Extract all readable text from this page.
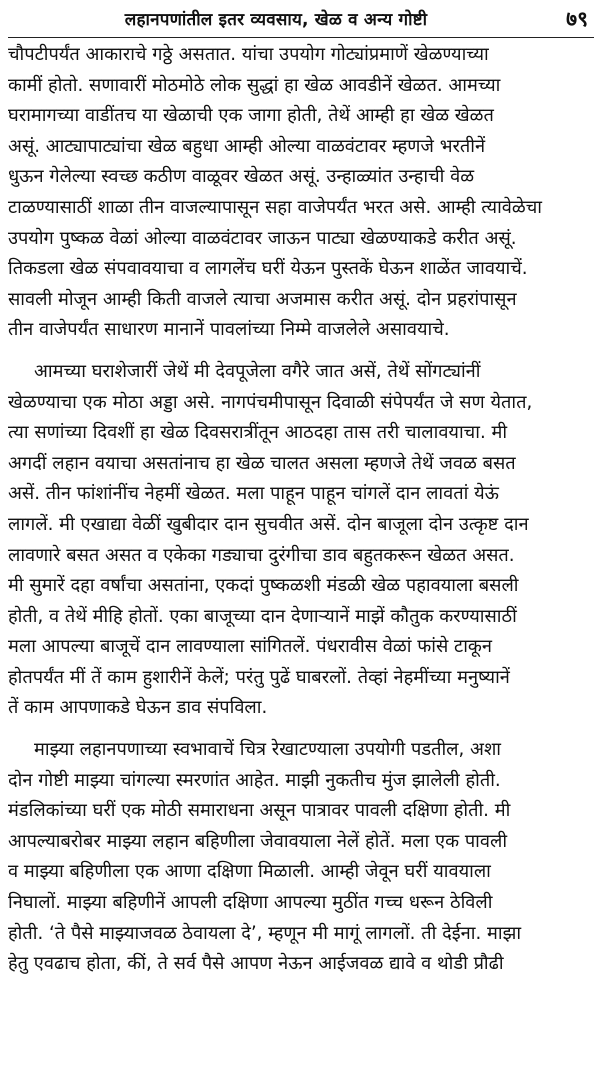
लहानपणांतील इतर व्यवसाय, खेळ व अन्य गोष्टी	७९

चौपटीपर्यंत आकाराचे गठ्ठे असतात. यांचा उपयोग गोट्यांप्रमाणें खेळण्याच्या
कामीं होतो. सणावारीं मोठमोठे लोक सुद्धां हा खेळ आवडीनें खेळत. आमच्या
घरामागच्या वाडींतच या खेळाची एक जागा होती, तेथें आम्ही हा खेळ खेळत
असूं. आट्यापाट्यांचा खेळ बहुधा आम्ही ओल्या वाळवंटावर म्हणजे भरतीनें
धुऊन गेलेल्या स्वच्छ कठीण वाळूवर खेळत असूं. उन्हाळ्यांत उन्हाची वेळ
टाळण्यासाठीं शाळा तीन वाजल्यापासून सहा वाजेपर्यंत भरत असे. आम्ही त्यावेळेचा
उपयोग पुष्कळ वेळां ओल्या वाळवंटावर जाऊन पाट्या खेळण्याकडे करीत असूं.
तिकडला खेळ संपवावयाचा व लागलेंच घरीं येऊन पुस्तकें घेऊन शाळेंत जावयाचें.
सावली मोजून आम्ही किती वाजले त्याचा अजमास करीत असूं. दोन प्रहरांपासून
तीन वाजेपर्यंत साधारण मानानें पावलांच्या निम्मे वाजलेले असावयाचे.

आमच्या घराशेजारीं जेथें मी देवपूजेला वगैरे जात असें, तेथें सोंगट्यांनीं
खेळण्याचा एक मोठा अड्डा असे. नागपंचमीपासून दिवाळी संपेपर्यंत जे सण येतात,
त्या सणांच्या दिवशीं हा खेळ दिवसरात्रींतून आठदहा तास तरी चालावयाचा. मी
अगदीं लहान वयाचा असतांनाच हा खेळ चालत असला म्हणजे तेथें जवळ बसत
असें. तीन फांशांनींच नेहमीं खेळत. मला पाहून पाहून चांगलें दान लावतां येऊं
लागलें. मी एखाद्या वेळीं खुबीदार दान सुचवीत असें. दोन बाजूला दोन उत्कृष्ट दान
लावणारे बसत असत व एकेका गड्याचा दुरंगीचा डाव बहुतकरून खेळत असत.
मी सुमारें दहा वर्षांचा असतांना, एकदां पुष्कळशी मंडळी खेळ पहावयाला बसली
होती, व तेथें मीहि होतों. एका बाजूच्या दान देणाऱ्यानें माझें कौतुक करण्यासाठीं
मला आपल्या बाजूचें दान लावण्याला सांगितलें. पंधरावीस वेळां फांसे टाकून
होतपर्यंत मीं तें काम हुशारीनें केलें; परंतु पुढें घाबरलों. तेव्हां नेहमींच्या मनुष्यानें
तें काम आपणाकडे घेऊन डाव संपविला.

माझ्या लहानपणाच्या स्वभावाचें चित्र रेखाटण्याला उपयोगी पडतील, अशा
दोन गोष्टी माझ्या चांगल्या स्मरणांत आहेत. माझी नुकतीच मुंज झालेली होती.
मंडलिकांच्या घरीं एक मोठी समाराधना असून पात्रावर पावली दक्षिणा होती. मी
आपल्याबरोबर माझ्या लहान बहिणीला जेवावयाला नेलें होतें. मला एक पावली
व माझ्या बहिणीला एक आणा दक्षिणा मिळाली. आम्ही जेवून घरीं यावयाला
निघालों. माझ्या बहिणीनें आपली दक्षिणा आपल्या मुठींत गच्च धरून ठेविली
होती. ‘ते पैसे माझ्याजवळ ठेवायला दे’, म्हणून मी मागूं लागलों. ती देईना. माझा
हेतु एवढाच होता, कीं, ते सर्व पैसे आपण नेऊन आईजवळ द्यावे व थोडी प्रौढी
